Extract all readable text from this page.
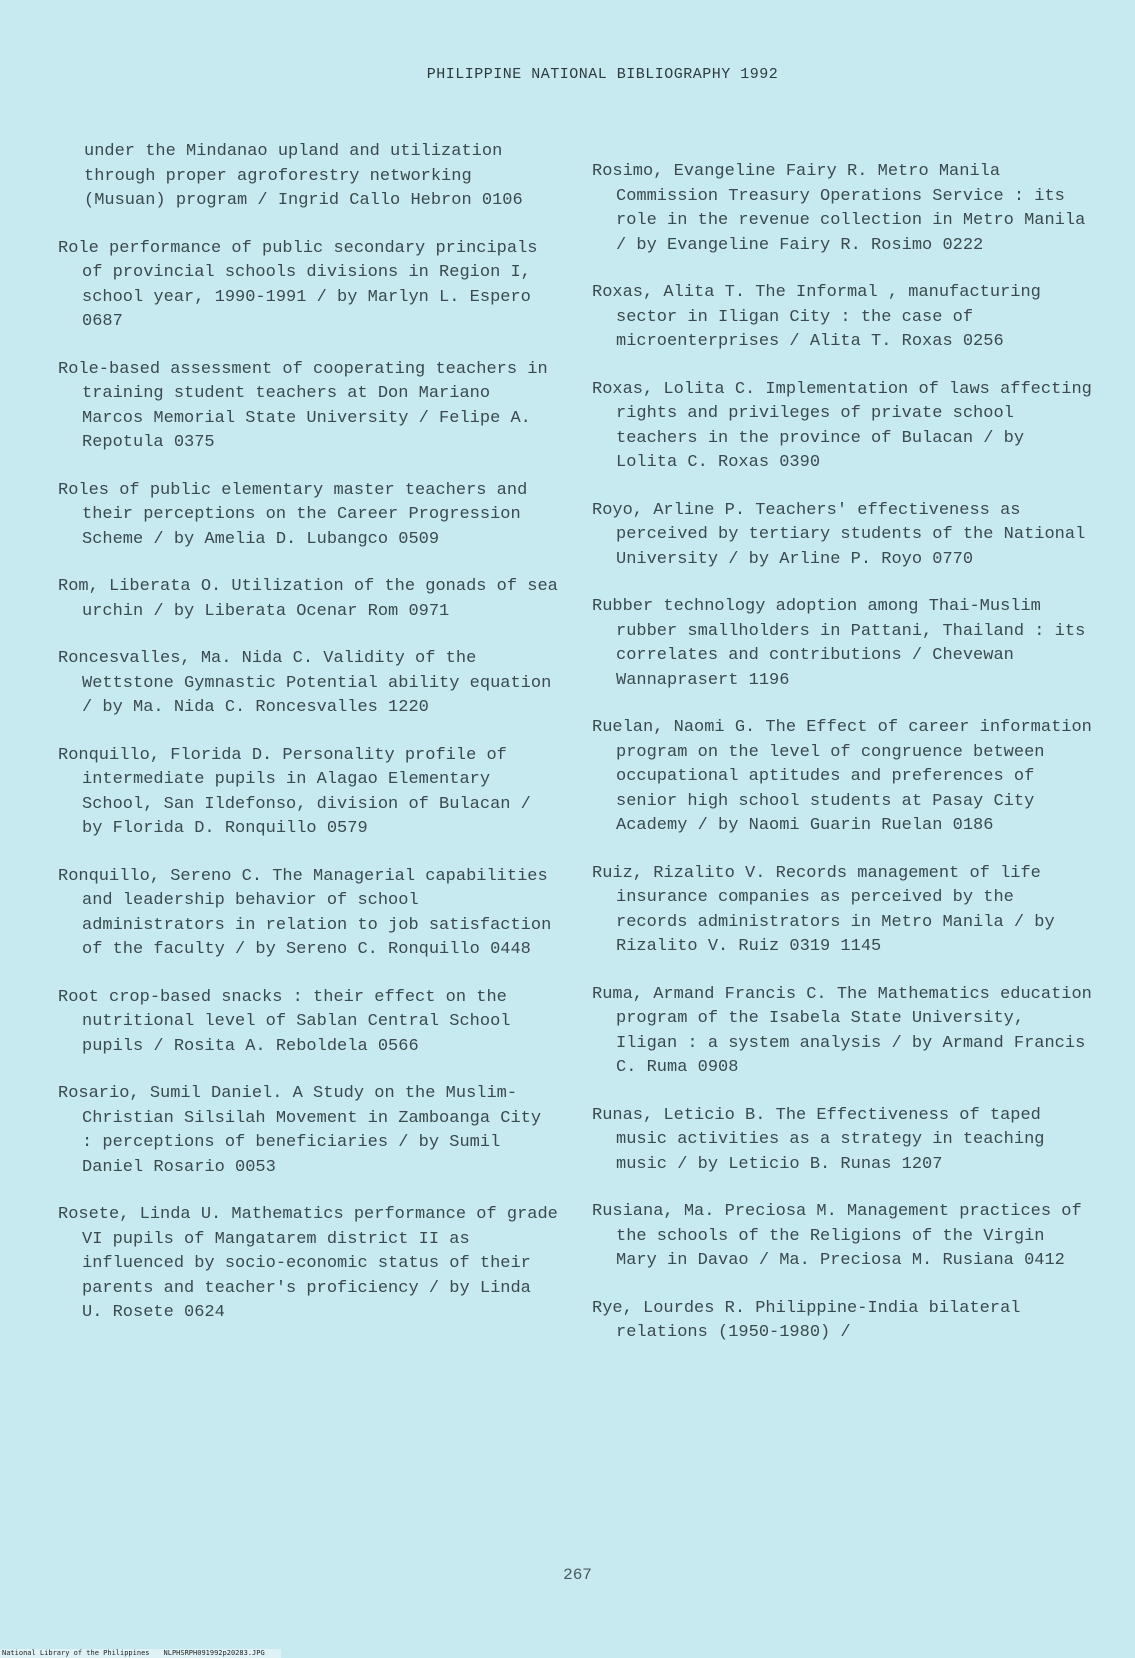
PHILIPPINE NATIONAL BIBLIOGRAPHY 1992

under the Mindanao upland and utilization through proper agroforestry networking (Musuan) program / Ingrid Callo Hebron 0106

Role performance of public secondary principals of provincial schools divisions in Region I, school year, 1990-1991 / by Marlyn L. Espero 0687

Role-based assessment of cooperating teachers in training student teachers at Don Mariano Marcos Memorial State University / Felipe A. Repotula 0375

Roles of public elementary master teachers and their perceptions on the Career Progression Scheme / by Amelia D. Lubangco 0509

Rom, Liberata O. Utilization of the gonads of sea urchin / by Liberata Ocenar Rom 0971

Roncesvalles, Ma. Nida C. Validity of the Wettstone Gymnastic Potential ability equation / by Ma. Nida C. Roncesvalles 1220

Ronquillo, Florida D. Personality profile of intermediate pupils in Alagao Elementary School, San Ildefonso, division of Bulacan / by Florida D. Ronquillo 0579

Ronquillo, Sereno C. The Managerial capabilities and leadership behavior of school administrators in relation to job satisfaction of the faculty / by Sereno C. Ronquillo 0448

Root crop-based snacks : their effect on the nutritional level of Sablan Central School pupils / Rosita A. Reboldela 0566

Rosario, Sumil Daniel. A Study on the Muslim-Christian Silsilah Movement in Zamboanga City : perceptions of beneficiaries / by Sumil Daniel Rosario 0053

Rosete, Linda U. Mathematics performance of grade VI pupils of Mangatarem district II as influenced by socio-economic status of their parents and teacher's proficiency / by Linda U. Rosete 0624

Rosimo, Evangeline Fairy R. Metro Manila Commission Treasury Operations Service : its role in the revenue collection in Metro Manila / by Evangeline Fairy R. Rosimo 0222

Roxas, Alita T. The Informal , manufacturing sector in Iligan City : the case of microenterprises / Alita T. Roxas 0256

Roxas, Lolita C. Implementation of laws affecting rights and privileges of private school teachers in the province of Bulacan / by Lolita C. Roxas 0390

Royo, Arline P. Teachers' effectiveness as perceived by tertiary students of the National University / by Arline P. Royo 0770

Rubber technology adoption among Thai-Muslim rubber smallholders in Pattani, Thailand : its correlates and contributions / Chevewan Wannaprasert 1196

Ruelan, Naomi G. The Effect of career information program on the level of congruence between occupational aptitudes and preferences of senior high school students at Pasay City Academy / by Naomi Guarin Ruelan 0186

Ruiz, Rizalito V. Records management of life insurance companies as perceived by the records administrators in Metro Manila / by Rizalito V. Ruiz 0319 1145

Ruma, Armand Francis C. The Mathematics education program of the Isabela State University, Iligan : a system analysis / by Armand Francis C. Ruma 0908

Runas, Leticio B. The Effectiveness of taped music activities as a strategy in teaching music / by Leticio B. Runas 1207

Rusiana, Ma. Preciosa M. Management practices of the schools of the Religions of the Virgin Mary in Davao / Ma. Preciosa M. Rusiana 0412

Rye, Lourdes R. Philippine-India bilateral relations (1950-1980) /

267
National Library of the Philippines NLPHSRPH091992p20283.JPG
